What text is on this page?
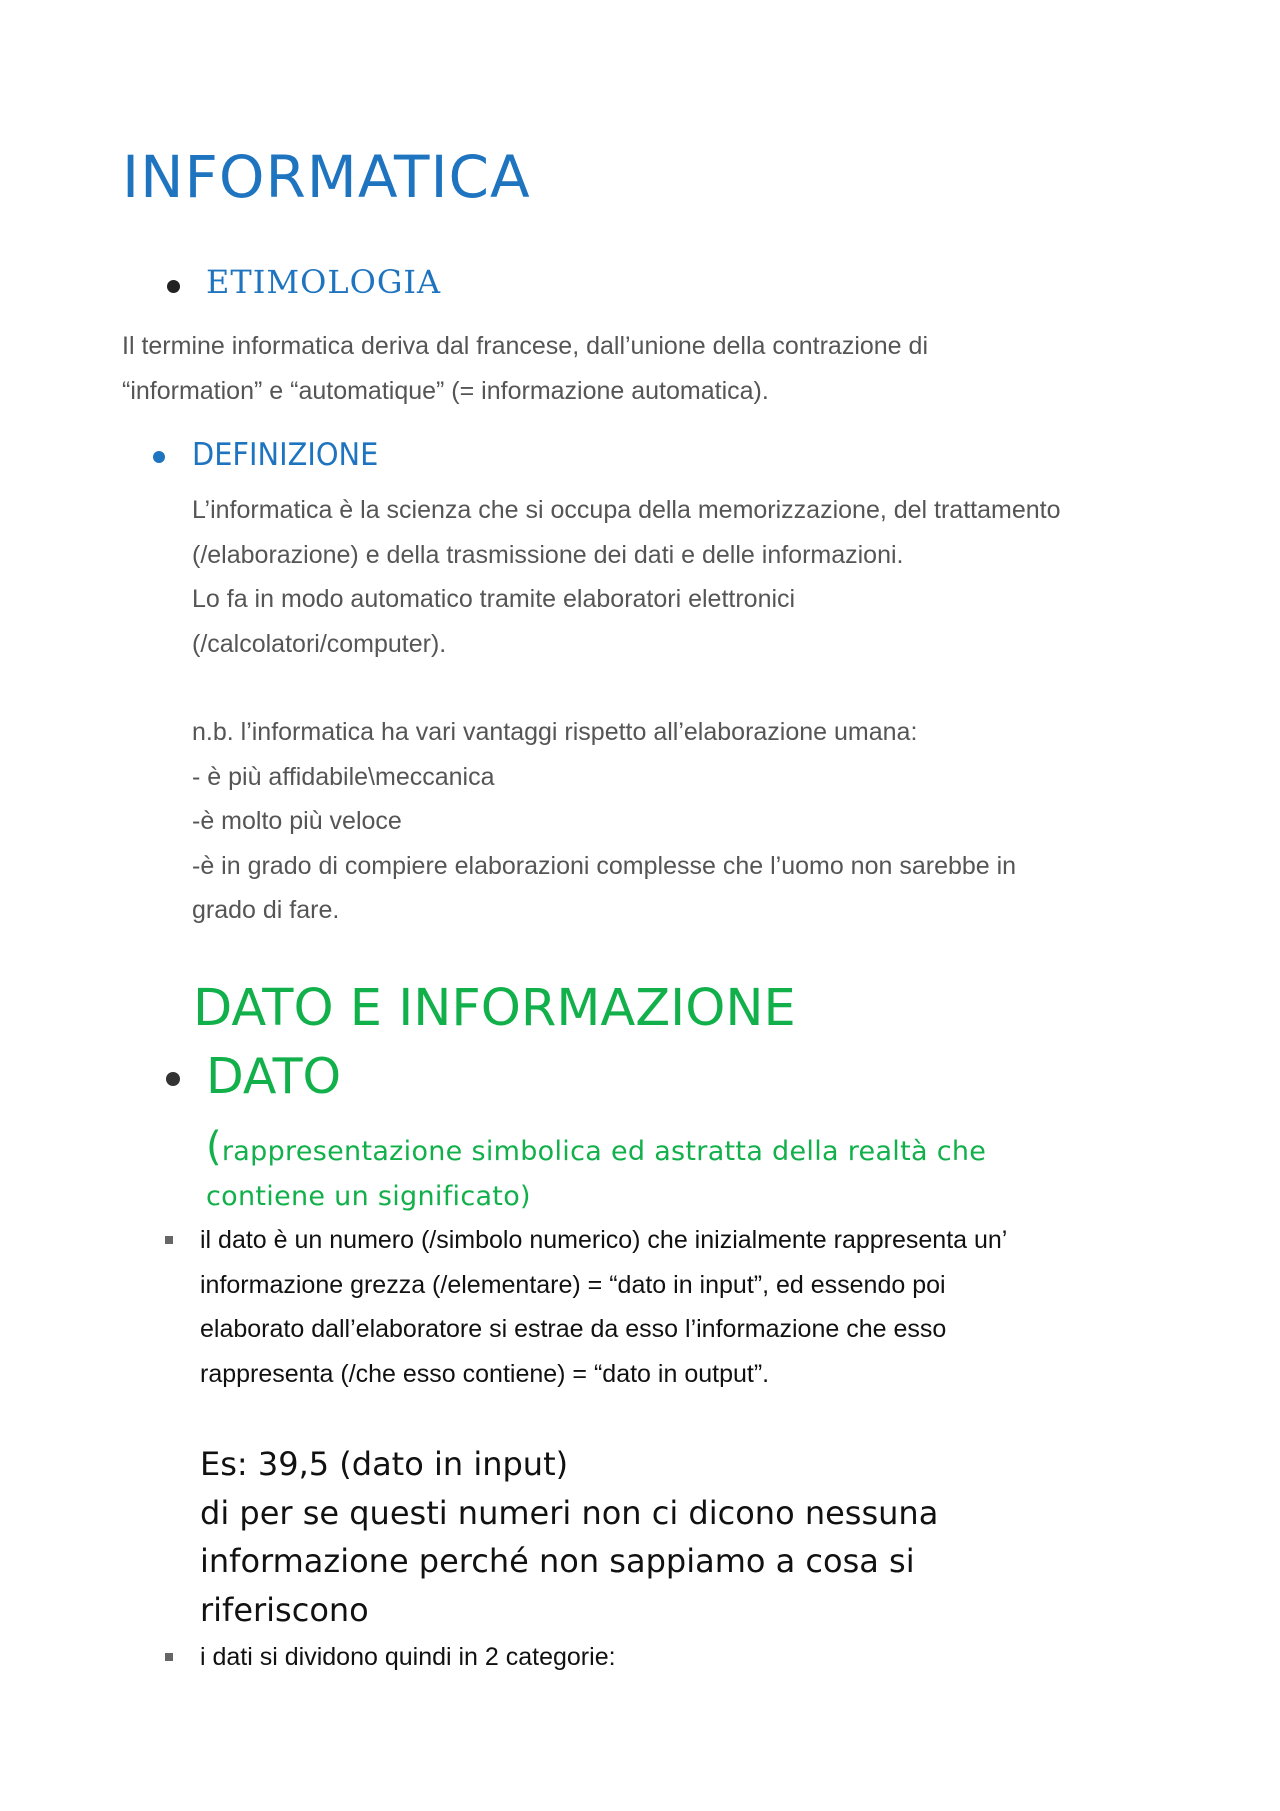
INFORMATICA
ETIMOLOGIA
Il termine informatica deriva dal francese, dall’unione della contrazione di
“information” e “automatique” (= informazione automatica).
DEFINIZIONE
L’informatica è la scienza che si occupa della memorizzazione, del trattamento
(/elaborazione) e della trasmissione dei dati e delle informazioni.
Lo fa in modo automatico tramite elaboratori elettronici
(/calcolatori/computer).
n.b. l’informatica ha vari vantaggi rispetto all’elaborazione umana:
- è più affidabile\meccanica
-è molto più veloce
-è in grado di compiere elaborazioni complesse che l’uomo non sarebbe in
grado di fare.
DATO E INFORMAZIONE
DATO
(rappresentazione simbolica ed astratta della realtà che
contiene un significato)
il dato è un numero (/simbolo numerico) che inizialmente rappresenta un’
informazione grezza (/elementare) = “dato in input”, ed essendo poi
elaborato dall’elaboratore si estrae da esso l’informazione che esso
rappresenta (/che esso contiene) = “dato in output”.
Es: 39,5 (dato in input)
di per se questi numeri non ci dicono nessuna
informazione perché non sappiamo a cosa si
riferiscono
i dati si dividono quindi in 2 categorie:
